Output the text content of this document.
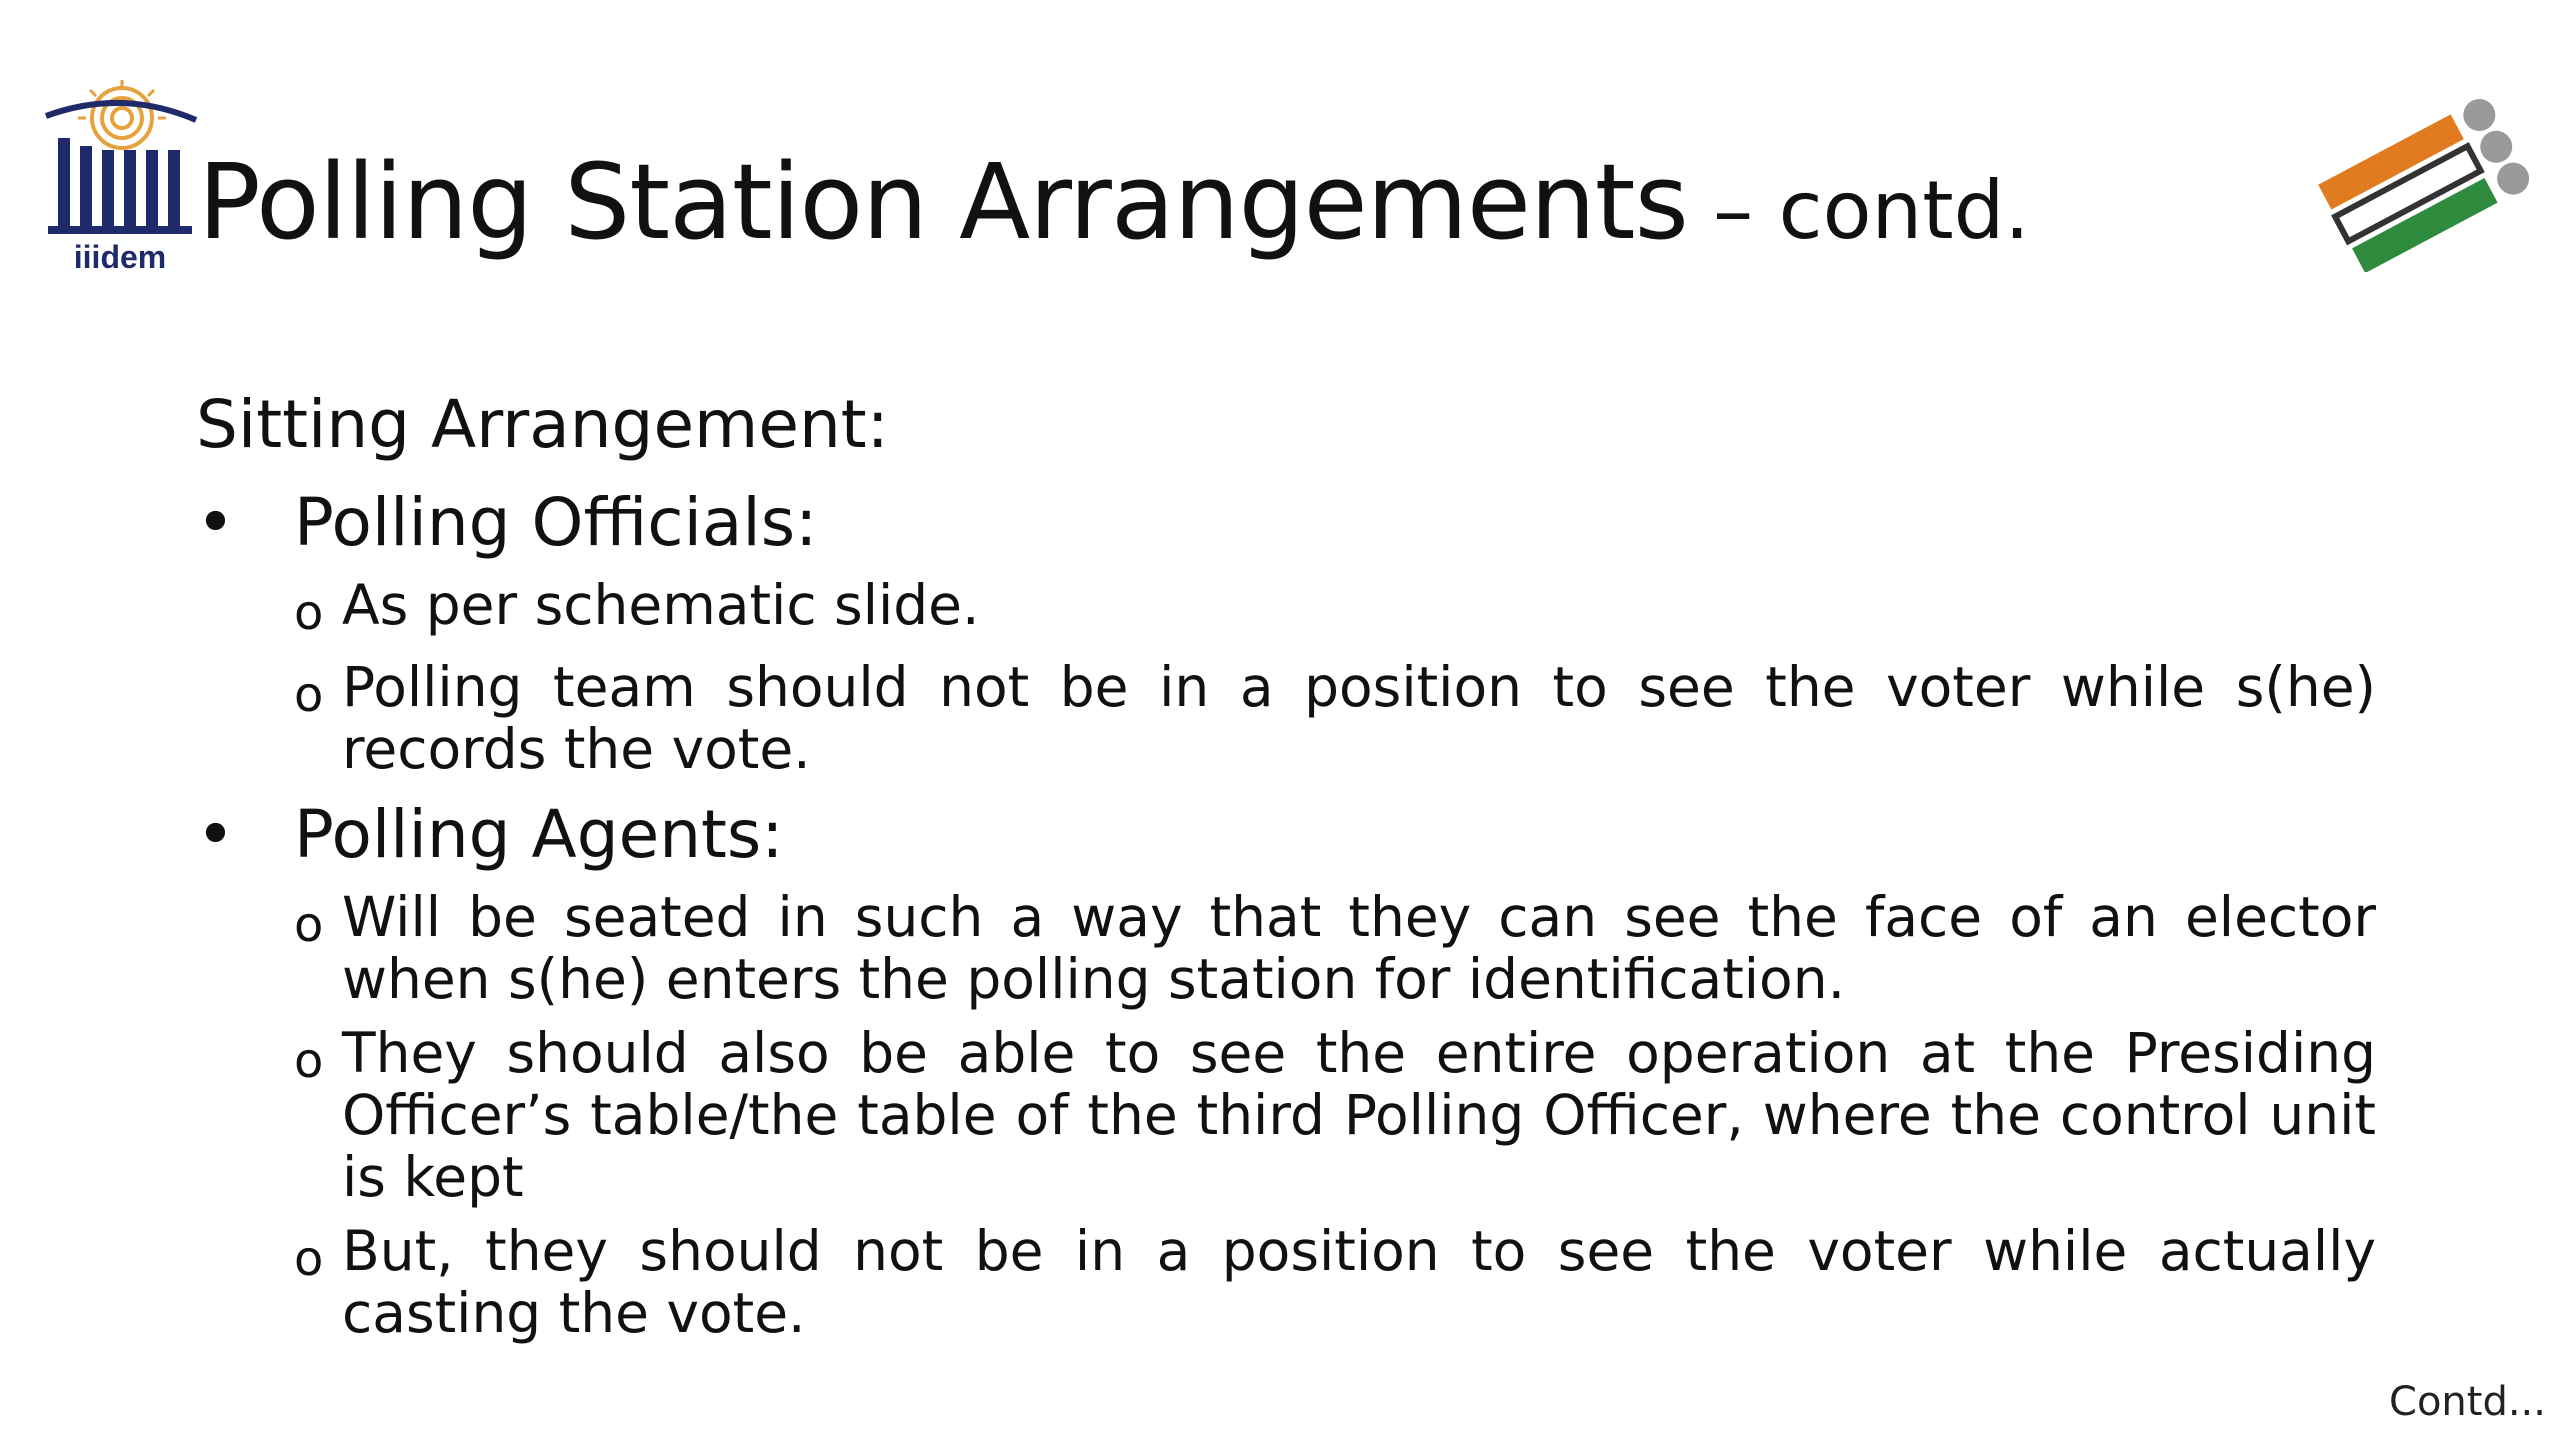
iiidem Polling Station Arrangements – contd.

Sitting Arrangement:

• Polling Officials:
o As per schematic slide.
o Polling team should not be in a position to see the voter while s(he) records the vote.
• Polling Agents:
o Will be seated in such a way that they can see the face of an elector when s(he) enters the polling station for identification.
o They should also be able to see the entire operation at the Presiding Officer’s table/the table of the third Polling Officer, where the control unit is kept
o But, they should not be in a position to see the voter while actually casting the vote.
Contd...
